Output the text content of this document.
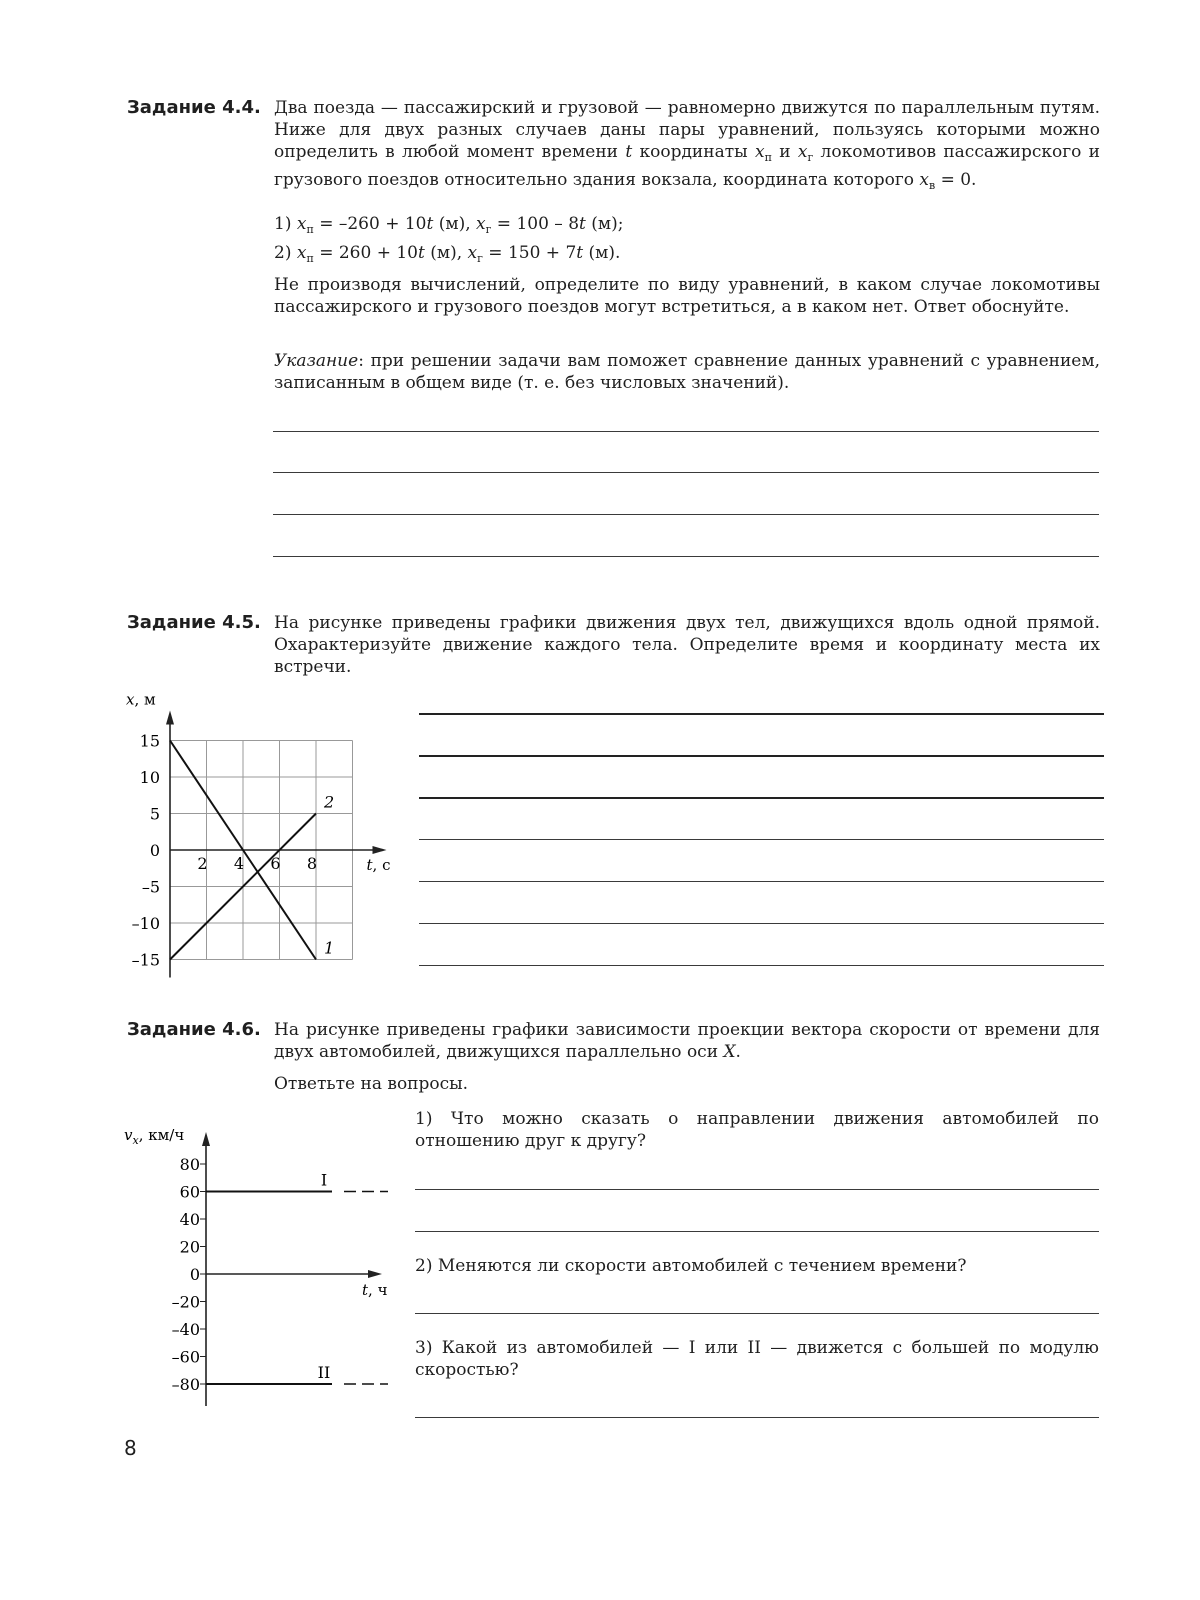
Задание 4.4. Два поезда — пассажирский и грузовой — равномерно движутся по параллельным путям. Ниже для двух разных случаев даны пары уравнений, пользуясь которыми можно определить в любой момент времени t координаты $x_п$ и $x_г$ локомотивов пассажирского и грузового поездов относительно здания вокзала, координата которого $x_в = 0$.

1) $x_п = -260 + 10t$ (м), $x_г = 100 - 8t$ (м);

2) $x_п = 260 + 10t$ (м), $x_г = 150 + 7t$ (м).

Не производя вычислений, определите по виду уравнений, в каком случае локомотивы пассажирского и грузового поездов могут встретиться, а в каком нет. Ответ обоснуйте.

Указание: при решении задачи вам поможет сравнение данных уравнений с уравнением, записанным в общем виде (т. е. без числовых значений).

Задание 4.5. На рисунке приведены графики движения двух тел, движущихся вдоль одной прямой. Охарактеризуйте движение каждого тела. Определите время и координату места их встречи.

15
10
5
0
–5
–10
–15
2 4 6 8
x, м
t, с
1
2
Задание 4.6. На рисунке приведены графики зависимости проекции вектора скорости от времени для двух автомобилей, движущихся параллельно оси X.

Ответьте на вопросы.

80
60
40
20
0
–20
–40
–60
–80
$v_x$, км/ч
t, ч
I
II

1) Что можно сказать о направлении движения автомобилей по отношению друг к другу?

2) Меняются ли скорости автомобилей с течением времени?

3) Какой из автомобилей — I или II — движется с большей по модулю скоростью?

8
